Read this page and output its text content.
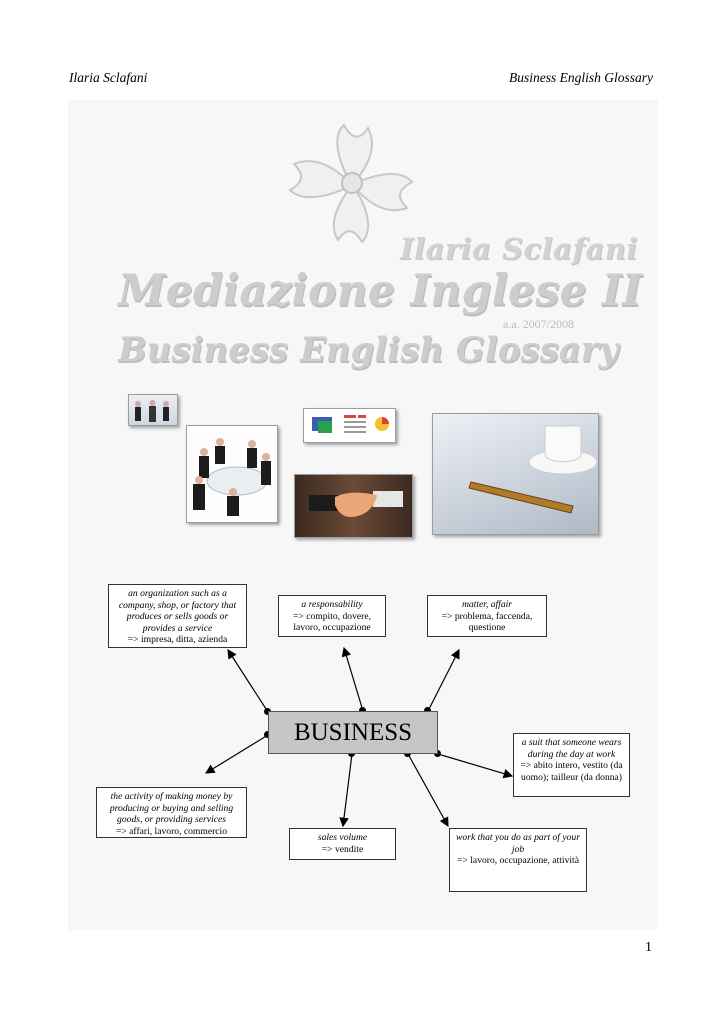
Ilaria Sclafani	Business English Glossary
Ilaria Sclafani
Mediazione Inglese II
a.a. 2007/2008
Business English Glossary
BUSINESS
an organization such as a company, shop, or factory that produces or sells goods or provides a service
=> impresa, ditta, azienda
a responsability
=> compito, dovere, lavoro, occupazione
matter, affair
=> problema, faccenda, questione
a suit that someone wears during the day at work
=> abito intero, vestito (da uomo); tailleur (da donna)
work that you do as part of your job
=> lavoro, occupazione, attività
sales volume
=> vendite
the activity of making money by producing or buying and selling goods, or providing services
=> affari, lavoro, commercio
1
